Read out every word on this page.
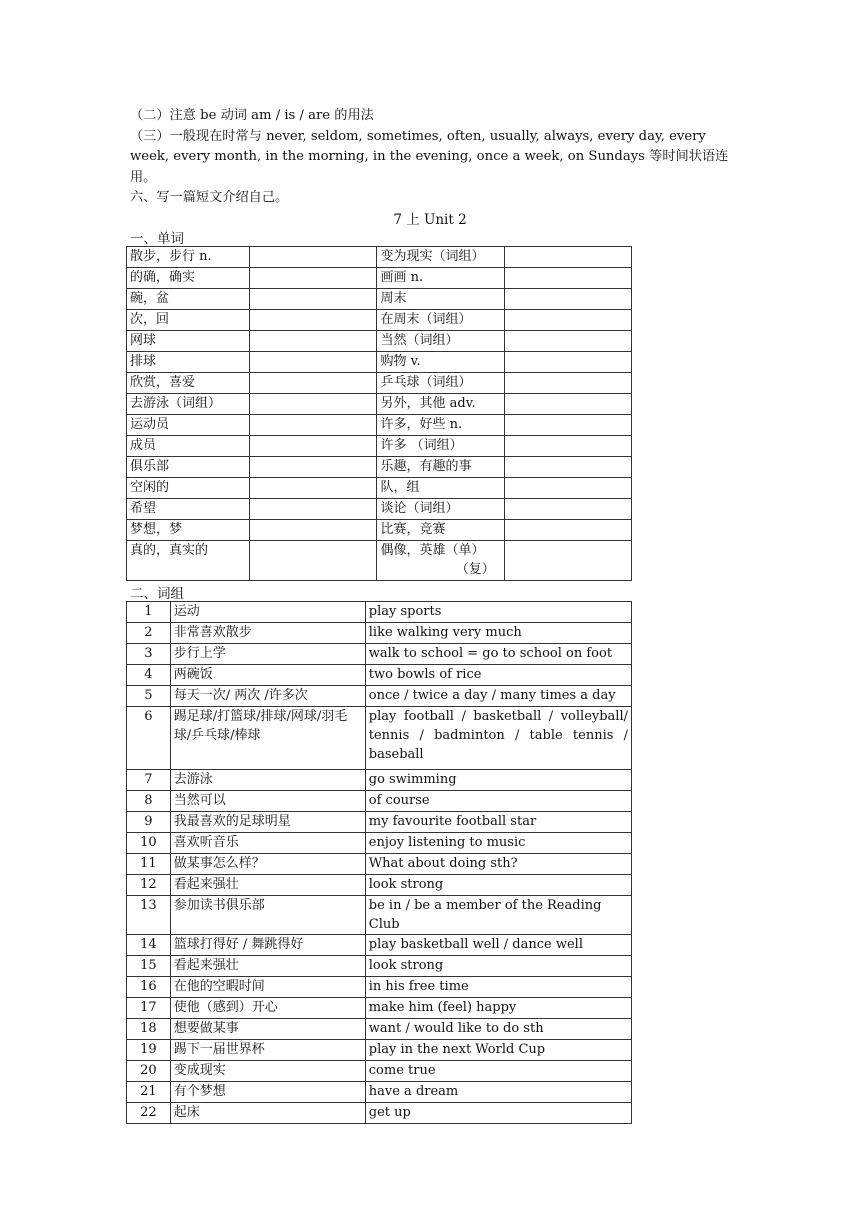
（二）注意 be 动词 am / is / are 的用法

（三）一般现在时常与 never, seldom, sometimes, often, usually, always, every day, every week, every month, in the morning, in the evening, once a week, on Sundays 等时间状语连用。

六、写一篇短文介绍自己。

7 上 Unit 2
一、单词
散步，步行 n.		变为现实（词组）	
的确，确实		画画 n.	
碗，盆		周末	
次，回		在周末（词组）	
网球		当然（词组）	
排球		购物 v.	
欣赏，喜爱		乒乓球（词组）	
去游泳（词组）		另外，其他 adv.	
运动员		许多，好些 n.	
成员		许多 （词组）	
俱乐部		乐趣，有趣的事	
空闲的		队，组	
希望		谈论（词组）	
梦想，梦		比赛，竞赛	
真的，真实的		偶像，英雄（单）
（复）	

二、词组
1	运动	play sports
2	非常喜欢散步	like walking very much
3	步行上学	walk to school = go to school on foot
4	两碗饭	two bowls of rice
5	每天一次/ 两次 /许多次	once / twice a day / many times a day
6	踢足球/打篮球/排球/网球/羽毛球/乒乓球/棒球	play football / basketball / volleyball/ tennis / badminton / table tennis / baseball
7	去游泳	go swimming
8	当然可以	of course
9	我最喜欢的足球明星	my favourite football star
10	喜欢听音乐	enjoy listening to music
11	做某事怎么样？	What about doing sth?
12	看起来强壮	look strong
13	参加读书俱乐部	be in / be a member of the Reading Club
14	篮球打得好 / 舞跳得好	play basketball well / dance well
15	看起来强壮	look strong
16	在他的空暇时间	in his free time
17	使他（感到）开心	make him (feel) happy
18	想要做某事	want / would like to do sth
19	踢下一届世界杯	play in the next World Cup
20	变成现实	come true
21	有个梦想	have a dream
22	起床	get up
